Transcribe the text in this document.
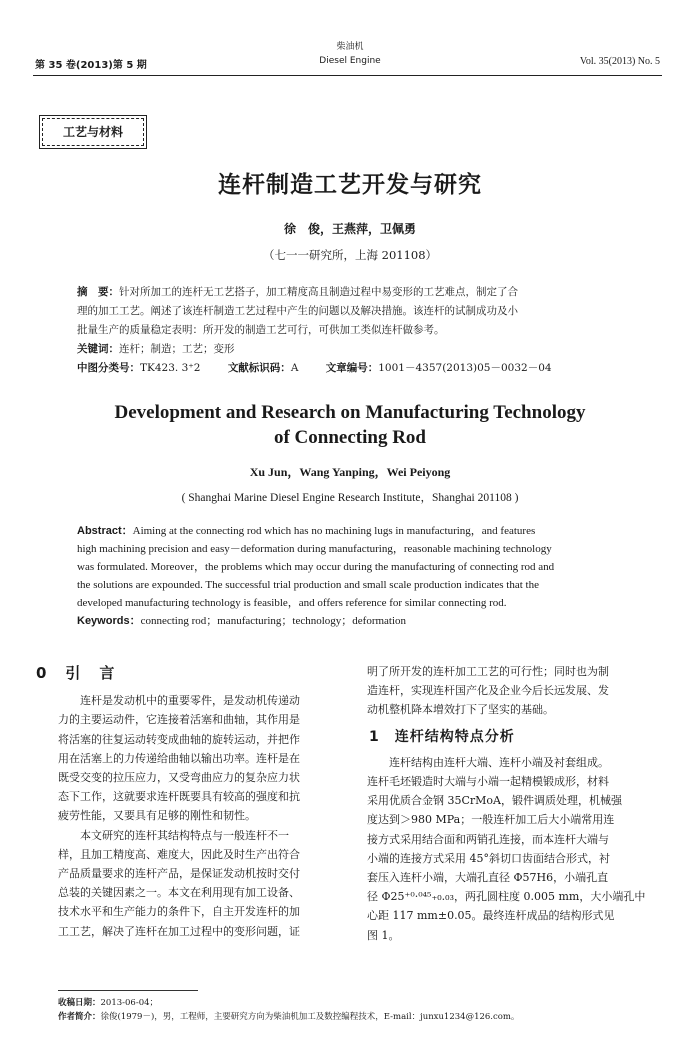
第 35 卷(2013)第 5 期
柴油机
Diesel Engine	Vol. 35(2013) No. 5
工艺与材料
连杆制造工艺开发与研究
徐　俊，王燕萍，卫佩勇
（七一一研究所，上海 201108）
摘　要：针对所加工的连杆无工艺搭子，加工精度高且制造过程中易变形的工艺难点，制定了合
理的加工工艺。阐述了该连杆制造工艺过程中产生的问题以及解决措施。该连杆的试制成功及小
批量生产的质量稳定表明：所开发的制造工艺可行，可供加工类似连杆做参考。
关键词：连杆；制造；工艺；变形
中图分类号：TK423. 3⁺2	文献标识码：A	文章编号：1001－4357(2013)05－0032－04
Development and Research on Manufacturing Technology
of Connecting Rod
Xu Jun，Wang Yanping，Wei Peiyong
( Shanghai Marine Diesel Engine Research Institute，Shanghai 201108 )
Abstract：Aiming at the connecting rod which has no machining lugs in manufacturing，and features
high machining precision and easy－deformation during manufacturing，reasonable machining technology
was formulated. Moreover，the problems which may occur during the manufacturing of connecting rod and
the solutions are expounded. The successful trial production and small scale production indicates that the
developed manufacturing technology is feasible，and offers reference for similar connecting rod.
Keywords：connecting rod；manufacturing；technology；deformation
0　引　言
　　连杆是发动机中的重要零件，是发动机传递动
力的主要运动件，它连接着活塞和曲轴，其作用是
将活塞的往复运动转变成曲轴的旋转运动，并把作
用在活塞上的力传递给曲轴以输出功率。连杆是在
既受交变的拉压应力，又受弯曲应力的复杂应力状
态下工作，这就要求连杆既要具有较高的强度和抗
疲劳性能，又要具有足够的刚性和韧性。
　　本文研究的连杆其结构特点与一般连杆不一
样，且加工精度高、难度大，因此及时生产出符合
产品质量要求的连杆产品，是保证发动机按时交付
总装的关键因素之一。本文在利用现有加工设备、
技术水平和生产能力的条件下，自主开发连杆的加
工工艺，解决了连杆在加工过程中的变形问题，证
明了所开发的连杆加工工艺的可行性；同时也为制
造连杆，实现连杆国产化及企业今后长远发展、发
动机整机降本增效打下了坚实的基础。
1　连杆结构特点分析
　　连杆结构由连杆大端、连杆小端及衬套组成。
连杆毛坯锻造时大端与小端一起精模锻成形，材料
采用优质合金钢 35CrMoA，锻件调质处理，机械强
度达到＞980 MPa；一般连杆加工后大小端常用连
接方式采用结合面和两销孔连接，而本连杆大端与
小端的连接方式采用 45°斜切口齿面结合形式，衬
套压入连杆小端，大端孔直径 Φ57H6，小端孔直
径 Φ25⁺⁰·⁰⁴⁵₊₀.₀₃，两孔圆柱度 0.005 mm，大小端孔中
心距 117 mm±0.05。最终连杆成品的结构形式见
图 1。
收稿日期：2013-06-04；
作者简介：徐俊(1979－)，男，工程师，主要研究方向为柴油机加工及数控编程技术，E-mail：junxu1234@126.com。
